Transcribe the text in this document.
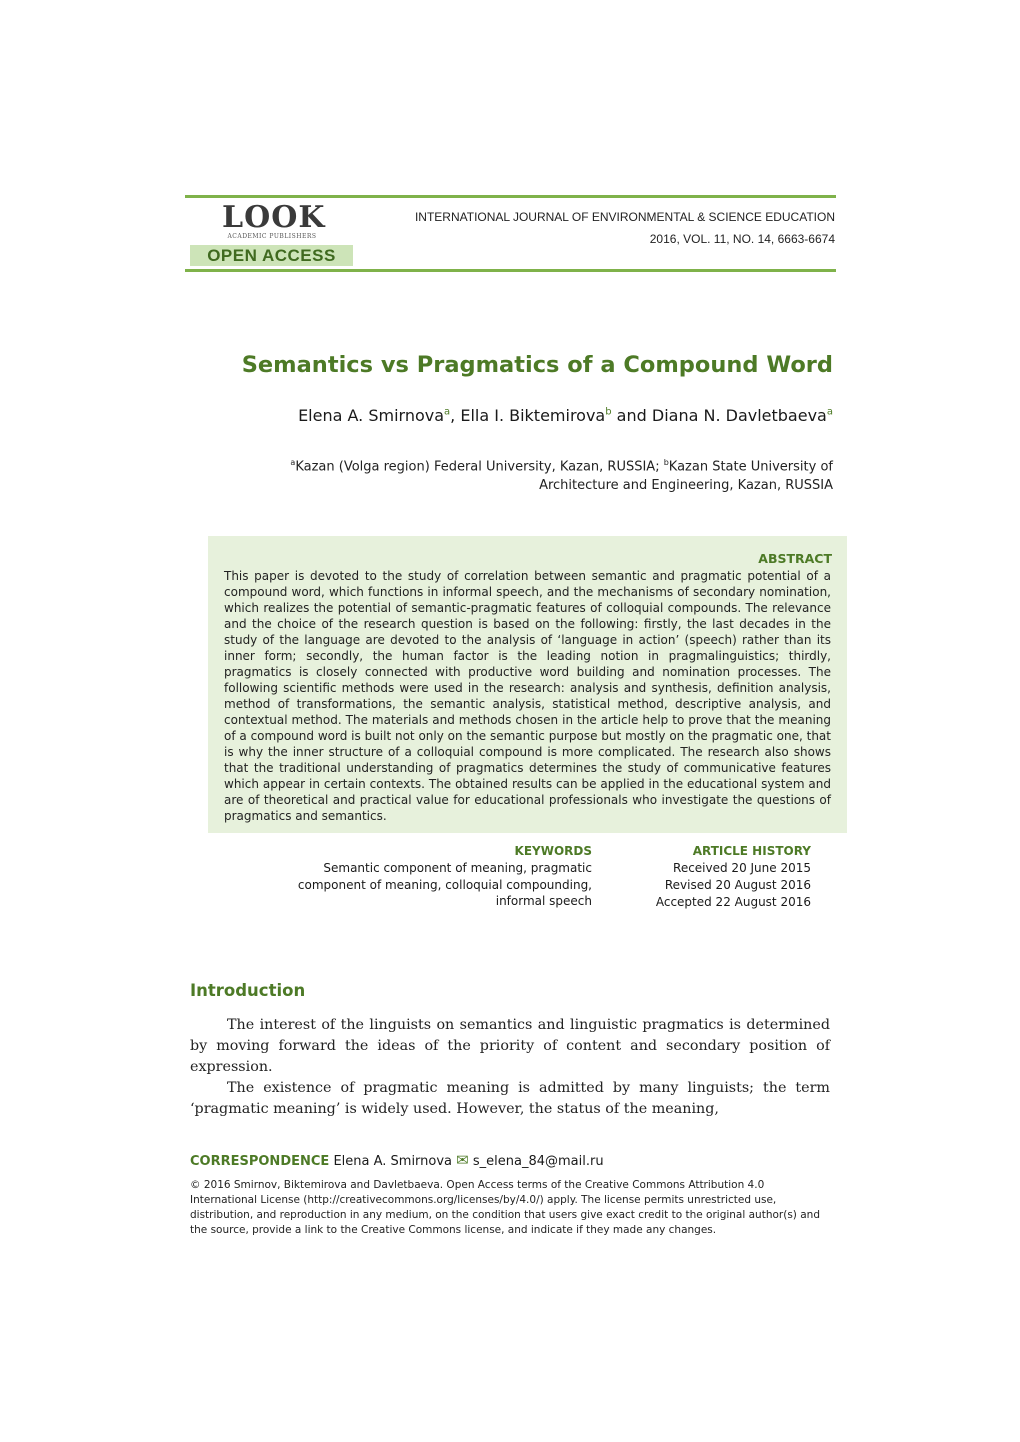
LOOK
ACADEMIC PUBLISHERS
OPEN ACCESS
INTERNATIONAL JOURNAL OF ENVIRONMENTAL & SCIENCE EDUCATION
2016, VOL. 11, NO. 14, 6663-6674
Semantics vs Pragmatics of a Compound Word
Elena A. Smirnova$^a$, Ella I. Biktemirova$^b$ and Diana N. Davletbaeva$^a$
$^a$Kazan (Volga region) Federal University, Kazan, RUSSIA; $^b$Kazan State University of Architecture and Engineering, Kazan, RUSSIA
ABSTRACT
This paper is devoted to the study of correlation between semantic and pragmatic potential of a compound word, which functions in informal speech, and the mechanisms of secondary nomination, which realizes the potential of semantic-pragmatic features of colloquial compounds. The relevance and the choice of the research question is based on the following: firstly, the last decades in the study of the language are devoted to the analysis of ‘language in action’ (speech) rather than its inner form; secondly, the human factor is the leading notion in pragmalinguistics; thirdly, pragmatics is closely connected with productive word building and nomination processes. The following scientific methods were used in the research: analysis and synthesis, definition analysis, method of transformations, the semantic analysis, statistical method, descriptive analysis, and contextual method. The materials and methods chosen in the article help to prove that the meaning of a compound word is built not only on the semantic purpose but mostly on the pragmatic one, that is why the inner structure of a colloquial compound is more complicated. The research also shows that the traditional understanding of pragmatics determines the study of communicative features which appear in certain contexts. The obtained results can be applied in the educational system and are of theoretical and practical value for educational professionals who investigate the questions of pragmatics and semantics.
KEYWORDS
Semantic component of meaning, pragmatic component of meaning, colloquial compounding, informal speech
ARTICLE HISTORY
Received 20 June 2015
Revised 20 August 2016
Accepted 22 August 2016
Introduction

The interest of the linguists on semantics and linguistic pragmatics is determined by moving forward the ideas of the priority of content and secondary position of expression.

The existence of pragmatic meaning is admitted by many linguists; the term ‘pragmatic meaning’ is widely used. However, the status of the meaning,

CORRESPONDENCE Elena A. Smirnova ✉ s_elena_84@mail.ru
© 2016 Smirnov, Biktemirova and Davletbaeva. Open Access terms of the Creative Commons Attribution 4.0 International License (http://creativecommons.org/licenses/by/4.0/) apply. The license permits unrestricted use, distribution, and reproduction in any medium, on the condition that users give exact credit to the original author(s) and the source, provide a link to the Creative Commons license, and indicate if they made any changes.
